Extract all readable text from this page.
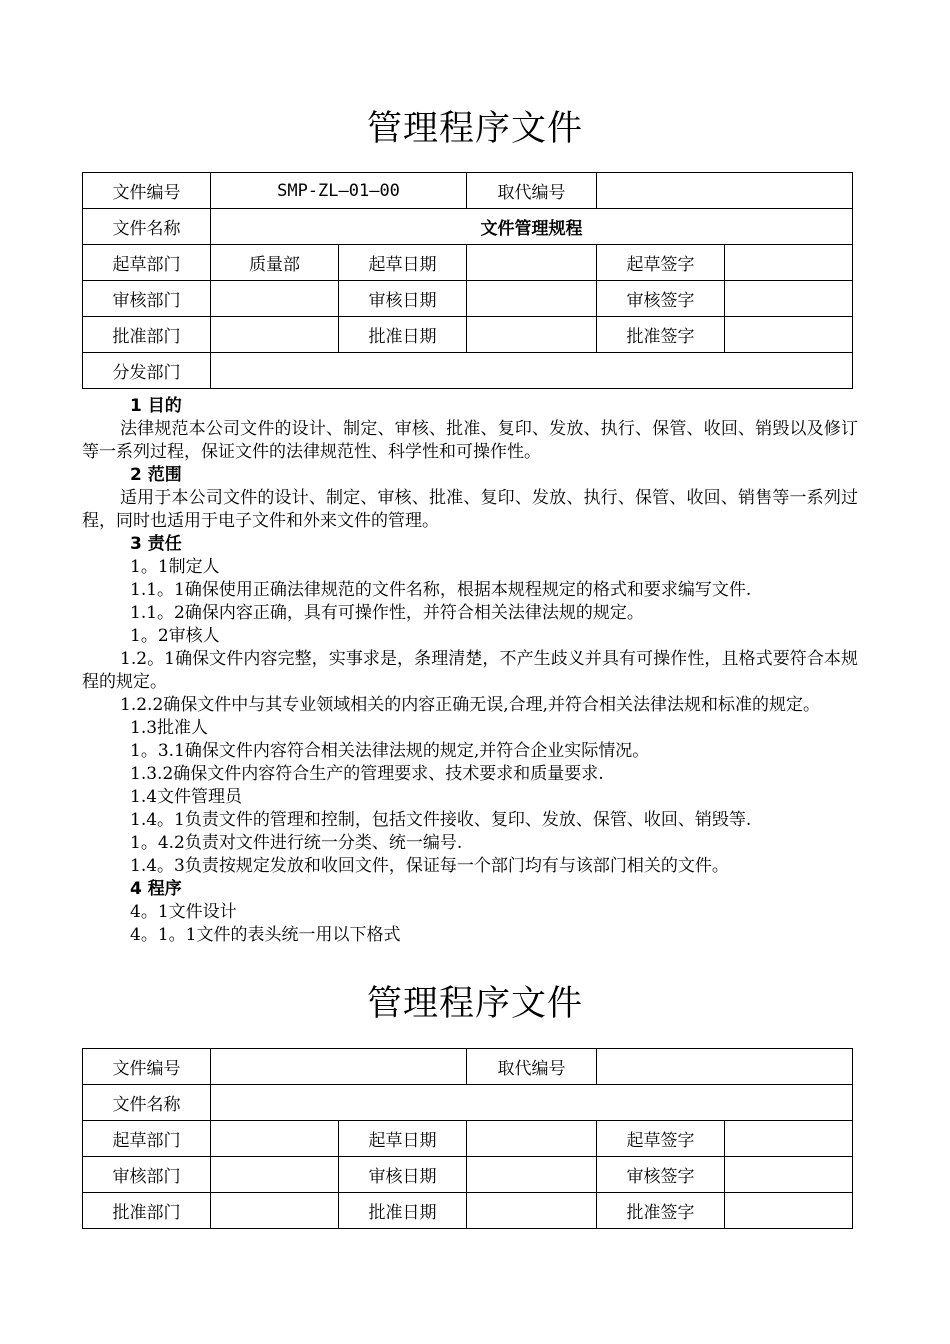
管理程序文件
文件编号	SMP-ZL—01—00		取代编号		
文件名称	文件管理规程				
起草部门	质量部	起草日期		起草签字	
审核部门		审核日期		审核签字	
批准部门		批准日期		批准签字	
分发部门					

1 目的

法律规范本公司文件的设计、制定、审核、批准、复印、发放、执行、保管、收回、销毁以及修订等一系列过程，保证文件的法律规范性、科学性和可操作性。

2 范围

适用于本公司文件的设计、制定、审核、批准、复印、发放、执行、保管、收回、销售等一系列过程，同时也适用于电子文件和外来文件的管理。

3 责任

1。1制定人

1.1。1确保使用正确法律规范的文件名称，根据本规程规定的格式和要求编写文件.

1.1。2确保内容正确，具有可操作性，并符合相关法律法规的规定。

1。2审核人

1.2。1确保文件内容完整，实事求是，条理清楚，不产生歧义并具有可操作性，且格式要符合本规程的规定。

1.2.2确保文件中与其专业领域相关的内容正确无误,合理,并符合相关法律法规和标准的规定。

1.3批准人

1。3.1确保文件内容符合相关法律法规的规定,并符合企业实际情况。

1.3.2确保文件内容符合生产的管理要求、技术要求和质量要求.

1.4文件管理员

1.4。1负责文件的管理和控制，包括文件接收、复印、发放、保管、收回、销毁等.

1。4.2负责对文件进行统一分类、统一编号.

1.4。3负责按规定发放和收回文件，保证每一个部门均有与该部门相关的文件。

4 程序

4。1文件设计

4。1。1文件的表头统一用以下格式

管理程序文件
文件编号			取代编号		
文件名称					
起草部门		起草日期		起草签字	
审核部门		审核日期		审核签字	
批准部门		批准日期		批准签字	
